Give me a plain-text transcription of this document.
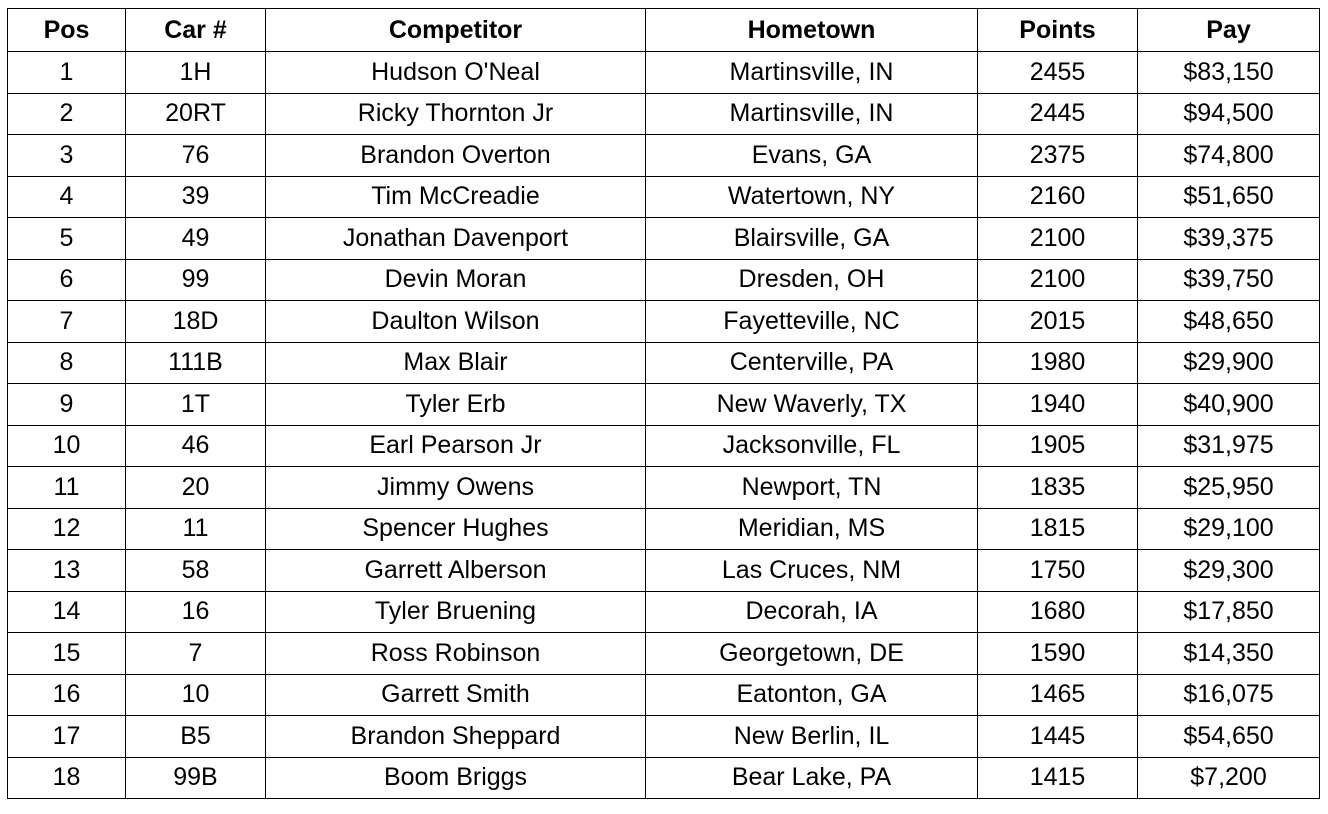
Pos	Car #	Competitor	Hometown	Points	Pay
1	1H	Hudson O'Neal	Martinsville, IN	2455	$83,150
2	20RT	Ricky Thornton Jr	Martinsville, IN	2445	$94,500
3	76	Brandon Overton	Evans, GA	2375	$74,800
4	39	Tim McCreadie	Watertown, NY	2160	$51,650
5	49	Jonathan Davenport	Blairsville, GA	2100	$39,375
6	99	Devin Moran	Dresden, OH	2100	$39,750
7	18D	Daulton Wilson	Fayetteville, NC	2015	$48,650
8	111B	Max Blair	Centerville, PA	1980	$29,900
9	1T	Tyler Erb	New Waverly, TX	1940	$40,900
10	46	Earl Pearson Jr	Jacksonville, FL	1905	$31,975
11	20	Jimmy Owens	Newport, TN	1835	$25,950
12	11	Spencer Hughes	Meridian, MS	1815	$29,100
13	58	Garrett Alberson	Las Cruces, NM	1750	$29,300
14	16	Tyler Bruening	Decorah, IA	1680	$17,850
15	7	Ross Robinson	Georgetown, DE	1590	$14,350
16	10	Garrett Smith	Eatonton, GA	1465	$16,075
17	B5	Brandon Sheppard	New Berlin, IL	1445	$54,650
18	99B	Boom Briggs	Bear Lake, PA	1415	$7,200
